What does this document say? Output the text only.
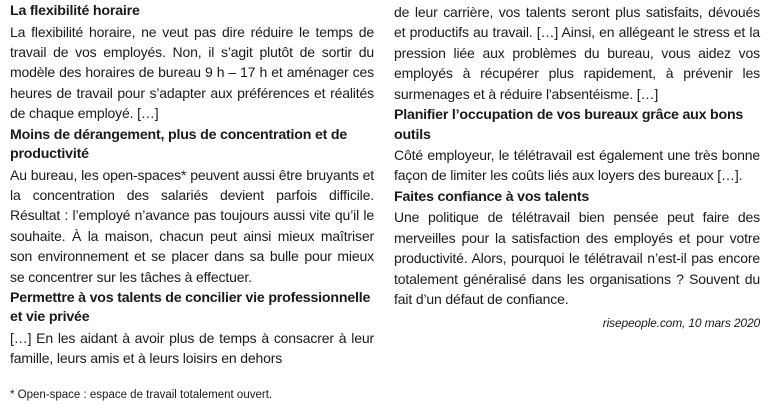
La flexibilité horaire

La flexibilité horaire, ne veut pas dire réduire le temps de travail de vos employés. Non, il s’agit plutôt de sortir du modèle des horaires de bureau 9 h – 17 h et aménager ces heures de travail pour s’adapter aux préférences et réalités de chaque employé. […]

Moins de dérangement, plus de concentration et de productivité

Au bureau, les open-spaces* peuvent aussi être bruyants et la concentration des salariés devient parfois difficile. Résultat : l’employé n’avance pas toujours aussi vite qu’il le souhaite. À la maison, chacun peut ainsi mieux maîtriser son environnement et se placer dans sa bulle pour mieux se concentrer sur les tâches à effectuer.

Permettre à vos talents de concilier vie professionnelle et vie privée

[…] En les aidant à avoir plus de temps à consacrer à leur famille, leurs amis et à leurs loisirs en dehors

de leur carrière, vos talents seront plus satisfaits, dévoués et productifs au travail. […] Ainsi, en allégeant le stress et la pression liée aux problèmes du bureau, vous aidez vos employés à récupérer plus rapidement, à prévenir les surmenages et à réduire l'absentéisme. […]

Planifier l’occupation de vos bureaux grâce aux bons outils

Côté employeur, le télétravail est également une très bonne façon de limiter les coûts liés aux loyers des bureaux […].

Faites confiance à vos talents

Une politique de télétravail bien pensée peut faire des merveilles pour la satisfaction des employés et pour votre productivité. Alors, pourquoi le télétravail n’est-il pas encore totalement généralisé dans les organisations ? Souvent du fait d’un défaut de confiance.

risepeople.com, 10 mars 2020
* Open-space : espace de travail totalement ouvert.
